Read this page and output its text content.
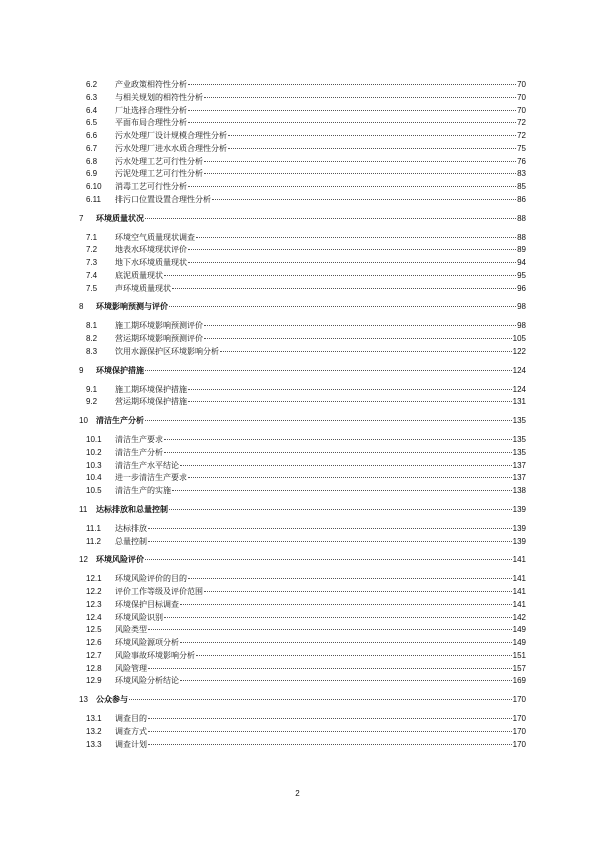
6.2 产业政策相符性分析	70
6.3 与相关规划的相符性分析	70
6.4 厂址选择合理性分析	70
6.5 平面布局合理性分析	72
6.6 污水处理厂设计规模合理性分析	72
6.7 污水处理厂进水水质合理性分析	75
6.8 污水处理工艺可行性分析	76
6.9 污泥处理工艺可行性分析	83
6.10 消毒工艺可行性分析	85
6.11 排污口位置设置合理性分析	86
7 环境质量状况	88
7.1 环境空气质量现状调查	88
7.2 地表水环境现状评价	89
7.3 地下水环境质量现状	94
7.4 底泥质量现状	95
7.5 声环境质量现状	96
8 环境影响预测与评价	98
8.1 施工期环境影响预测评价	98
8.2 营运期环境影响预测评价	105
8.3 饮用水源保护区环境影响分析	122
9 环境保护措施	124
9.1 施工期环境保护措施	124
9.2 营运期环境保护措施	131
10 清洁生产分析	135
10.1 清洁生产要求	135
10.2 清洁生产分析	135
10.3 清洁生产水平结论	137
10.4 进一步清洁生产要求	137
10.5 清洁生产的实施	138
11 达标排放和总量控制	139
11.1 达标排放	139
11.2 总量控制	139
12 环境风险评价	141
12.1 环境风险评价的目的	141
12.2 评价工作等级及评价范围	141
12.3 环境保护目标调查	141
12.4 环境风险识别	142
12.5 风险类型	149
12.6 环境风险源项分析	149
12.7 风险事故环境影响分析	151
12.8 风险管理	157
12.9 环境风险分析结论	169
13 公众参与	170
13.1 调查目的	170
13.2 调查方式	170
13.3 调查计划	170
2
